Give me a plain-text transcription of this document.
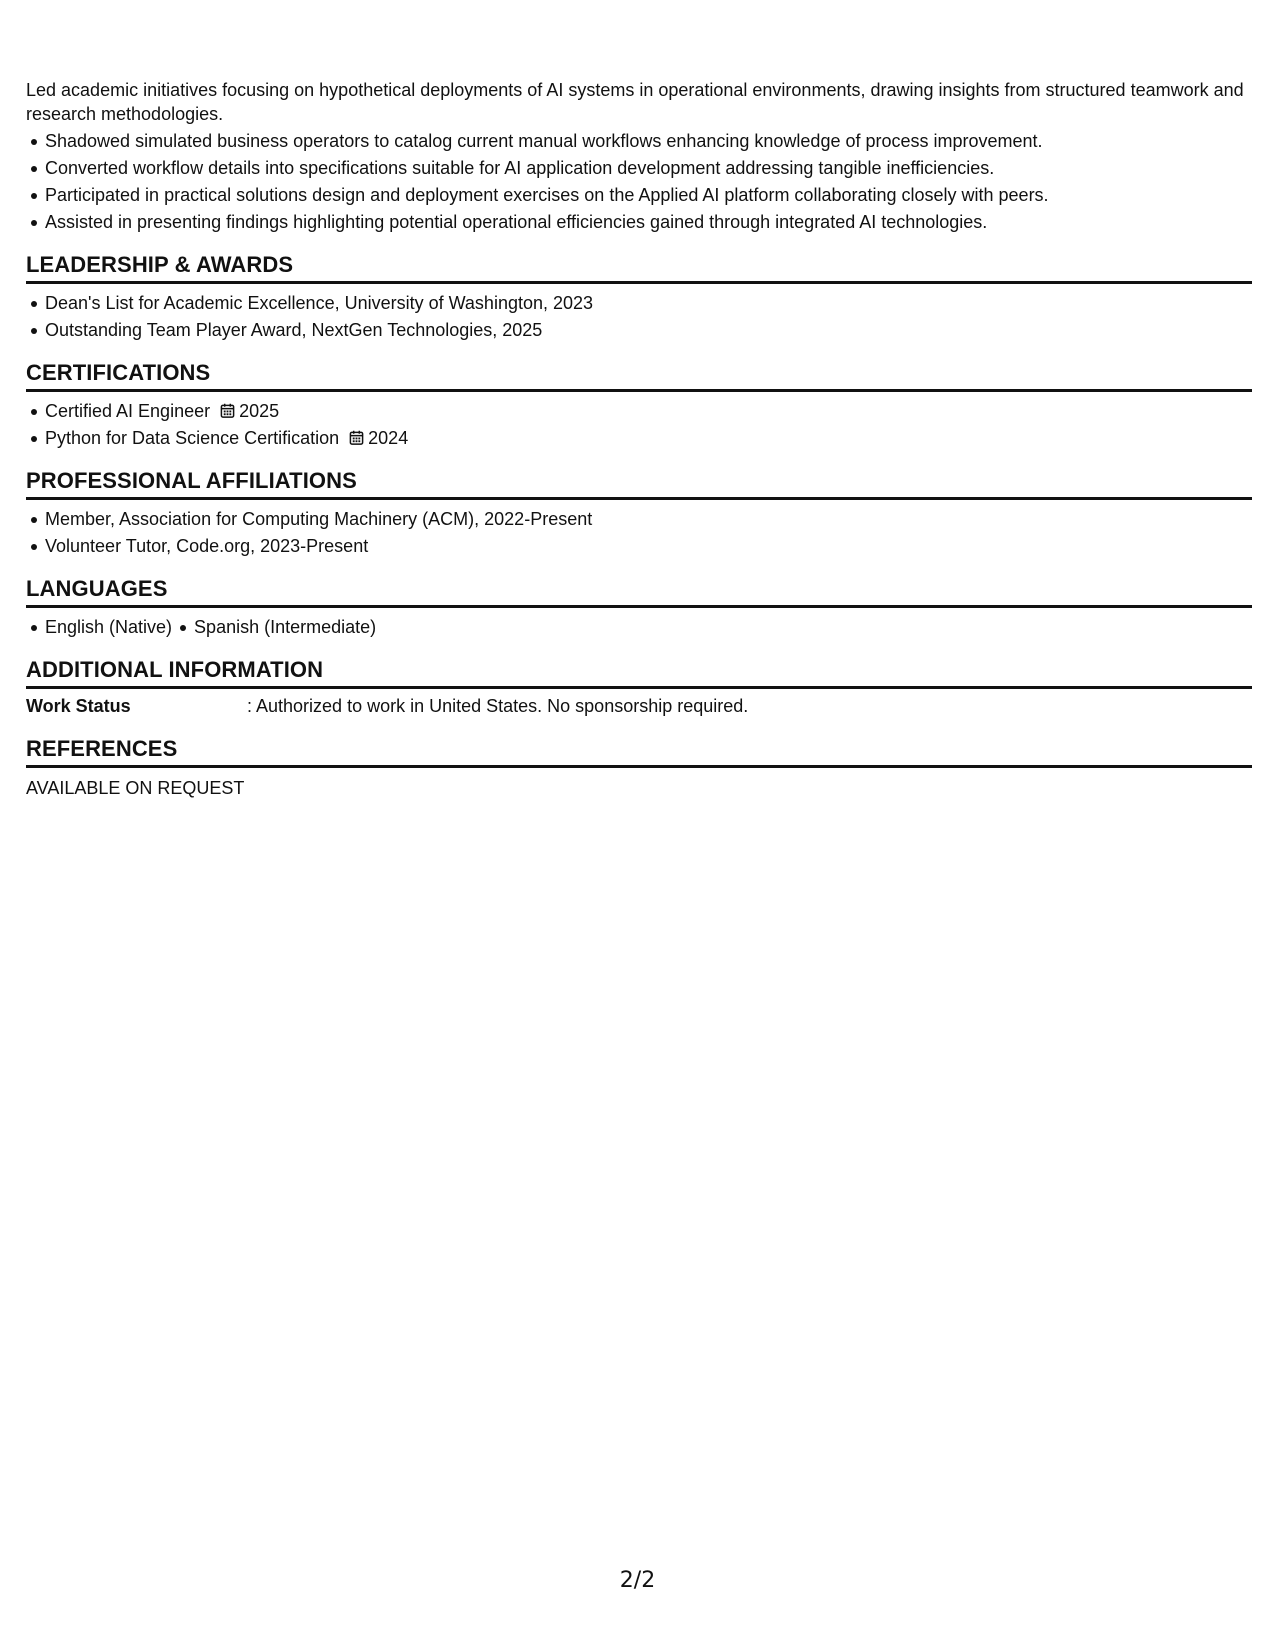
Led academic initiatives focusing on hypothetical deployments of AI systems in operational environments, drawing insights from structured teamwork and research methodologies.

Shadowed simulated business operators to catalog current manual workflows enhancing knowledge of process improvement.
Converted workflow details into specifications suitable for AI application development addressing tangible inefficiencies.
Participated in practical solutions design and deployment exercises on the Applied AI platform collaborating closely with peers.
Assisted in presenting findings highlighting potential operational efficiencies gained through integrated AI technologies.
LEADERSHIP & AWARDS
Dean's List for Academic Excellence, University of Washington, 2023
Outstanding Team Player Award, NextGen Technologies, 2025
CERTIFICATIONS
Certified AI Engineer 2025
Python for Data Science Certification 2024
PROFESSIONAL AFFILIATIONS
Member, Association for Computing Machinery (ACM), 2022-Present
Volunteer Tutor, Code.org, 2023-Present
LANGUAGES
English (Native) Spanish (Intermediate)
ADDITIONAL INFORMATION
Work Status	: Authorized to work in United States. No sponsorship required.
REFERENCES
AVAILABLE ON REQUEST
2/2
